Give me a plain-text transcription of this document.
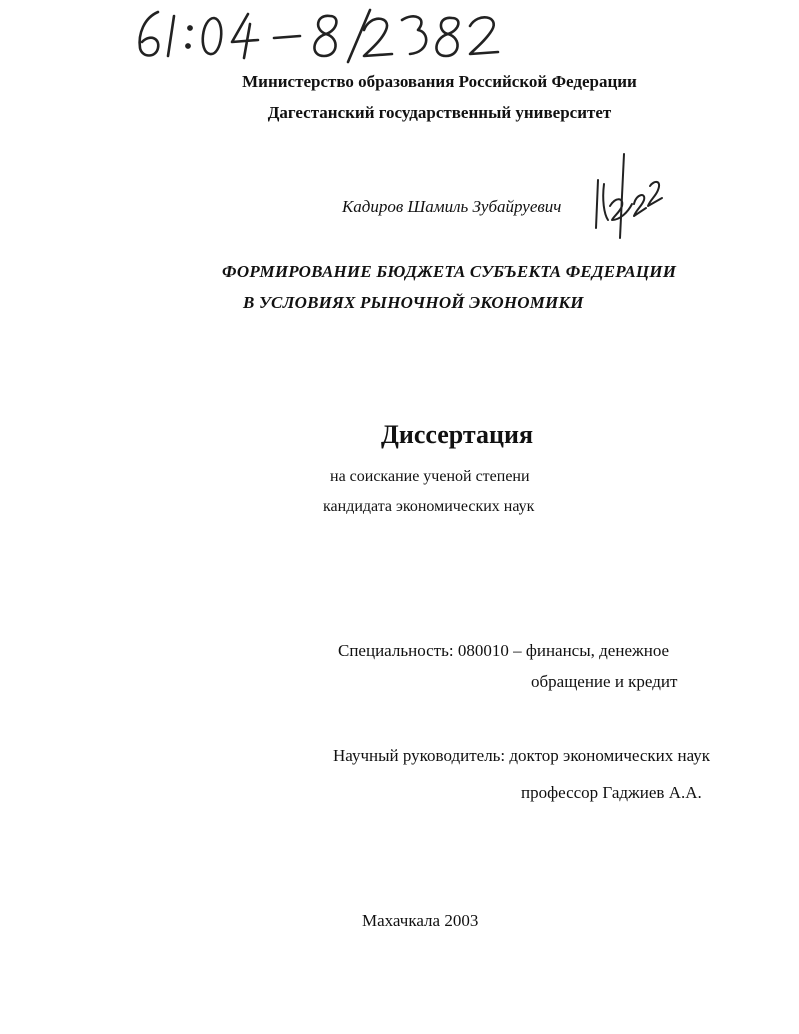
Министерство образования Российской Федерации
Дагестанский государственный университет
Кадиров Шамиль Зубайруевич
ФОРМИРОВАНИЕ БЮДЖЕТА СУБЪЕКТА ФЕДЕРАЦИИ
В УСЛОВИЯХ РЫНОЧНОЙ ЭКОНОМИКИ
Диссертация
на соискание ученой степени
кандидата экономических наук
Специальность: 080010 – финансы, денежное
обращение и кредит
Научный руководитель: доктор экономических наук
профессор Гаджиев А.А.
Махачкала 2003
